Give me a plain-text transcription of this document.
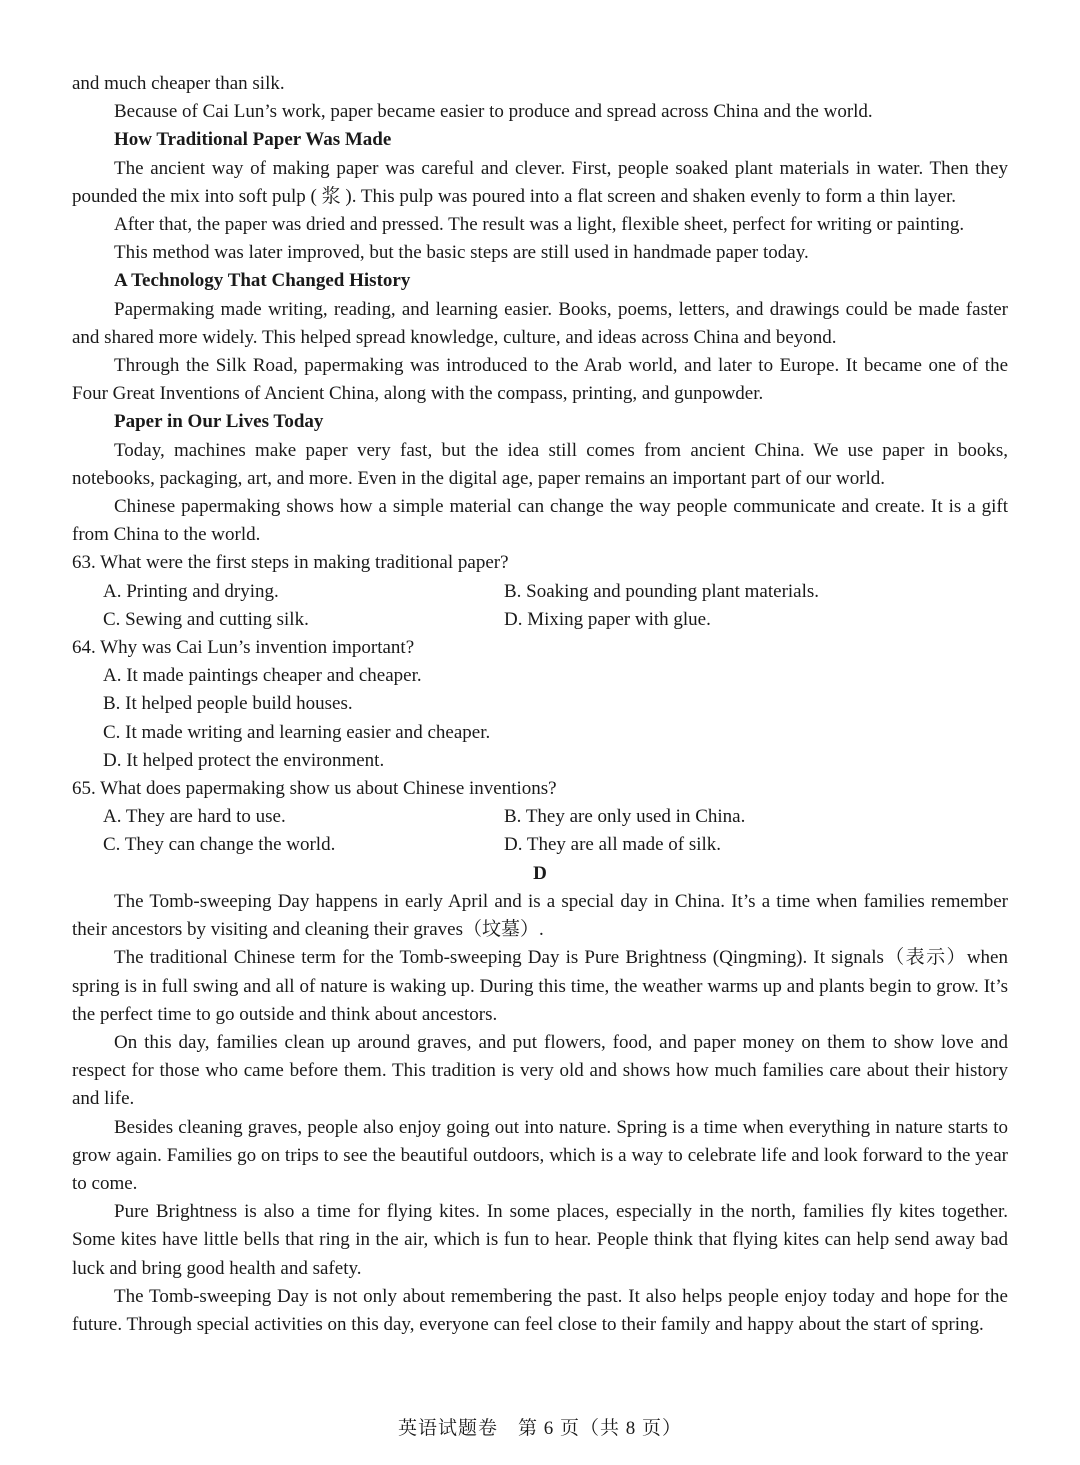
and much cheaper than silk.

Because of Cai Lun’s work, paper became easier to produce and spread across China and the world.

How Traditional Paper Was Made

The ancient way of making paper was careful and clever. First, people soaked plant materials in water. Then they pounded the mix into soft pulp ( 浆 ). This pulp was poured into a flat screen and shaken evenly to form a thin layer.

After that, the paper was dried and pressed. The result was a light, flexible sheet, perfect for writing or painting.

This method was later improved, but the basic steps are still used in handmade paper today.

A Technology That Changed History

Papermaking made writing, reading, and learning easier. Books, poems, letters, and drawings could be made faster and shared more widely. This helped spread knowledge, culture, and ideas across China and beyond.

Through the Silk Road, papermaking was introduced to the Arab world, and later to Europe. It became one of the Four Great Inventions of Ancient China, along with the compass, printing, and gunpowder.

Paper in Our Lives Today

Today, machines make paper very fast, but the idea still comes from ancient China. We use paper in books, notebooks, packaging, art, and more. Even in the digital age, paper remains an important part of our world.

Chinese papermaking shows how a simple material can change the way people communicate and create. It is a gift from China to the world.

63. What were the first steps in making traditional paper?

A. Printing and drying.	B. Soaking and pounding plant materials.

C. Sewing and cutting silk.	D. Mixing paper with glue.

64. Why was Cai Lun’s invention important?

A. It made paintings cheaper and cheaper.

B. It helped people build houses.

C. It made writing and learning easier and cheaper.

D. It helped protect the environment.

65. What does papermaking show us about Chinese inventions?

A. They are hard to use.	B. They are only used in China.

C. They can change the world.	D. They are all made of silk.

D

The Tomb-sweeping Day happens in early April and is a special day in China. It’s a time when families remember their ancestors by visiting and cleaning their graves（坟墓）.

The traditional Chinese term for the Tomb-sweeping Day is Pure Brightness (Qingming). It signals（表示）when spring is in full swing and all of nature is waking up. During this time, the weather warms up and plants begin to grow. It’s the perfect time to go outside and think about ancestors.

On this day, families clean up around graves, and put flowers, food, and paper money on them to show love and respect for those who came before them. This tradition is very old and shows how much families care about their history and life.

Besides cleaning graves, people also enjoy going out into nature. Spring is a time when everything in nature starts to grow again. Families go on trips to see the beautiful outdoors, which is a way to celebrate life and look forward to the year to come.

Pure Brightness is also a time for flying kites. In some places, especially in the north, families fly kites together. Some kites have little bells that ring in the air, which is fun to hear. People think that flying kites can help send away bad luck and bring good health and safety.

The Tomb-sweeping Day is not only about remembering the past. It also helps people enjoy today and hope for the future. Through special activities on this day, everyone can feel close to their family and happy about the start of spring.

英语试题卷　第 6 页（共 8 页）
